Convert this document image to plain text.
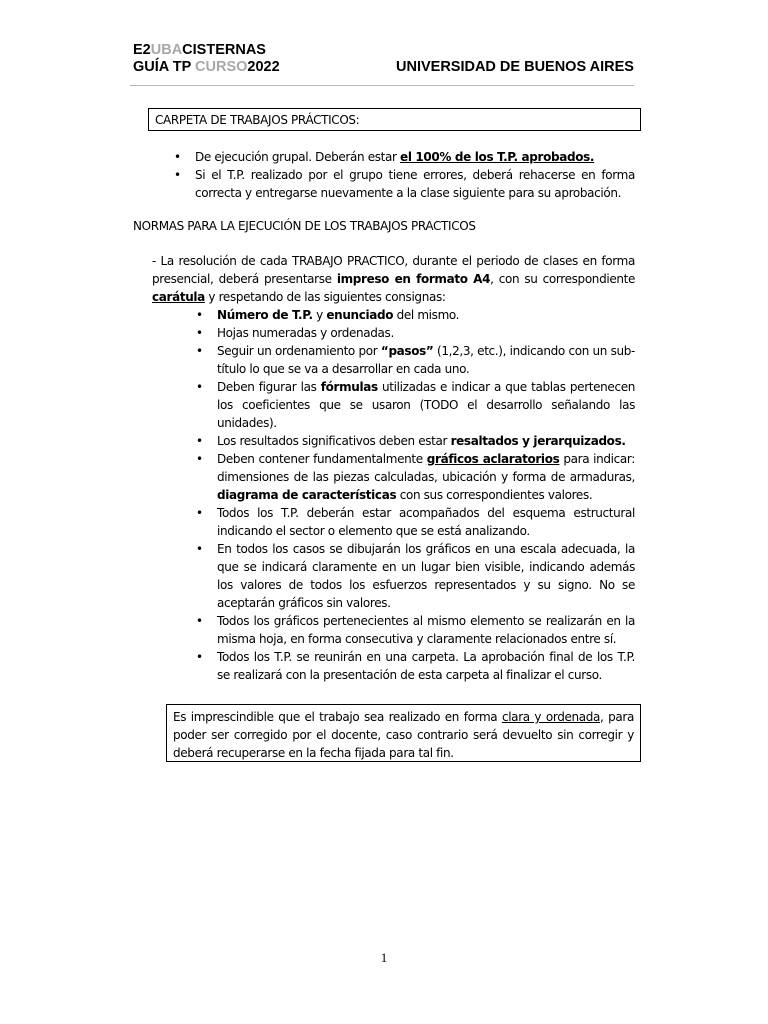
E2UBACISTERNAS
GUÍA TP CURSO2022	UNIVERSIDAD DE BUENOS AIRES
CARPETA DE TRABAJOS PRÁCTICOS:
• De ejecución grupal. Deberán estar el 100% de los T.P. aprobados.
• Si el T.P. realizado por el grupo tiene errores, deberá rehacerse en forma correcta y entregarse nuevamente a la clase siguiente para su aprobación.
NORMAS PARA LA EJECUCIÓN DE LOS TRABAJOS PRACTICOS
- La resolución de cada TRABAJO PRACTICO, durante el periodo de clases en forma presencial, deberá presentarse impreso en formato A4, con su correspondiente carátula y respetando de las siguientes consignas:
• Número de T.P. y enunciado del mismo.
• Hojas numeradas y ordenadas.
• Seguir un ordenamiento por “pasos” (1,2,3, etc.), indicando con un sub-título lo que se va a desarrollar en cada uno.
• Deben figurar las fórmulas utilizadas e indicar a que tablas pertenecen los coeficientes que se usaron (TODO el desarrollo señalando las unidades).
• Los resultados significativos deben estar resaltados y jerarquizados.
• Deben contener fundamentalmente gráficos aclaratorios para indicar: dimensiones de las piezas calculadas, ubicación y forma de armaduras, diagrama de características con sus correspondientes valores.
• Todos los T.P. deberán estar acompañados del esquema estructural indicando el sector o elemento que se está analizando.
• En todos los casos se dibujarán los gráficos en una escala adecuada, la que se indicará claramente en un lugar bien visible, indicando además los valores de todos los esfuerzos representados y su signo. No se aceptarán gráficos sin valores.
• Todos los gráficos pertenecientes al mismo elemento se realizarán en la misma hoja, en forma consecutiva y claramente relacionados entre sí.
• Todos los T.P. se reunirán en una carpeta. La aprobación final de los T.P. se realizará con la presentación de esta carpeta al finalizar el curso.
Es imprescindible que el trabajo sea realizado en forma clara y ordenada, para poder ser corregido por el docente, caso contrario será devuelto sin corregir y deberá recuperarse en la fecha fijada para tal fin.
1
